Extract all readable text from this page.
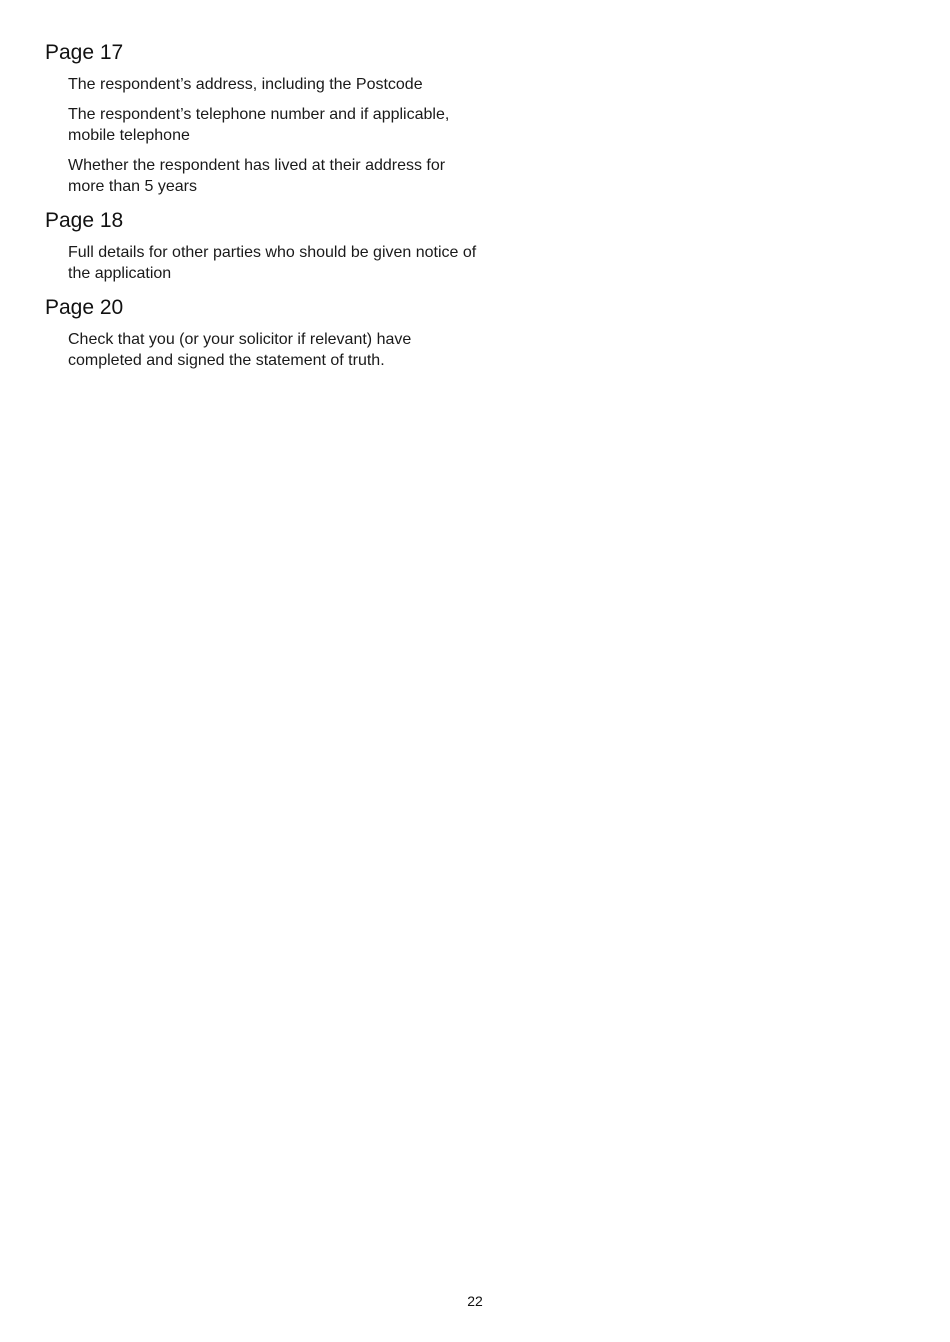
Page 17
The respondent’s address, including the Postcode
The respondent’s telephone number and if applicable, mobile telephone
Whether the respondent has lived at their address for more than 5 years
Page 18
Full details for other parties who should be given notice of the application
Page 20
Check that you (or your solicitor if relevant) have completed and signed the statement of truth.
22
